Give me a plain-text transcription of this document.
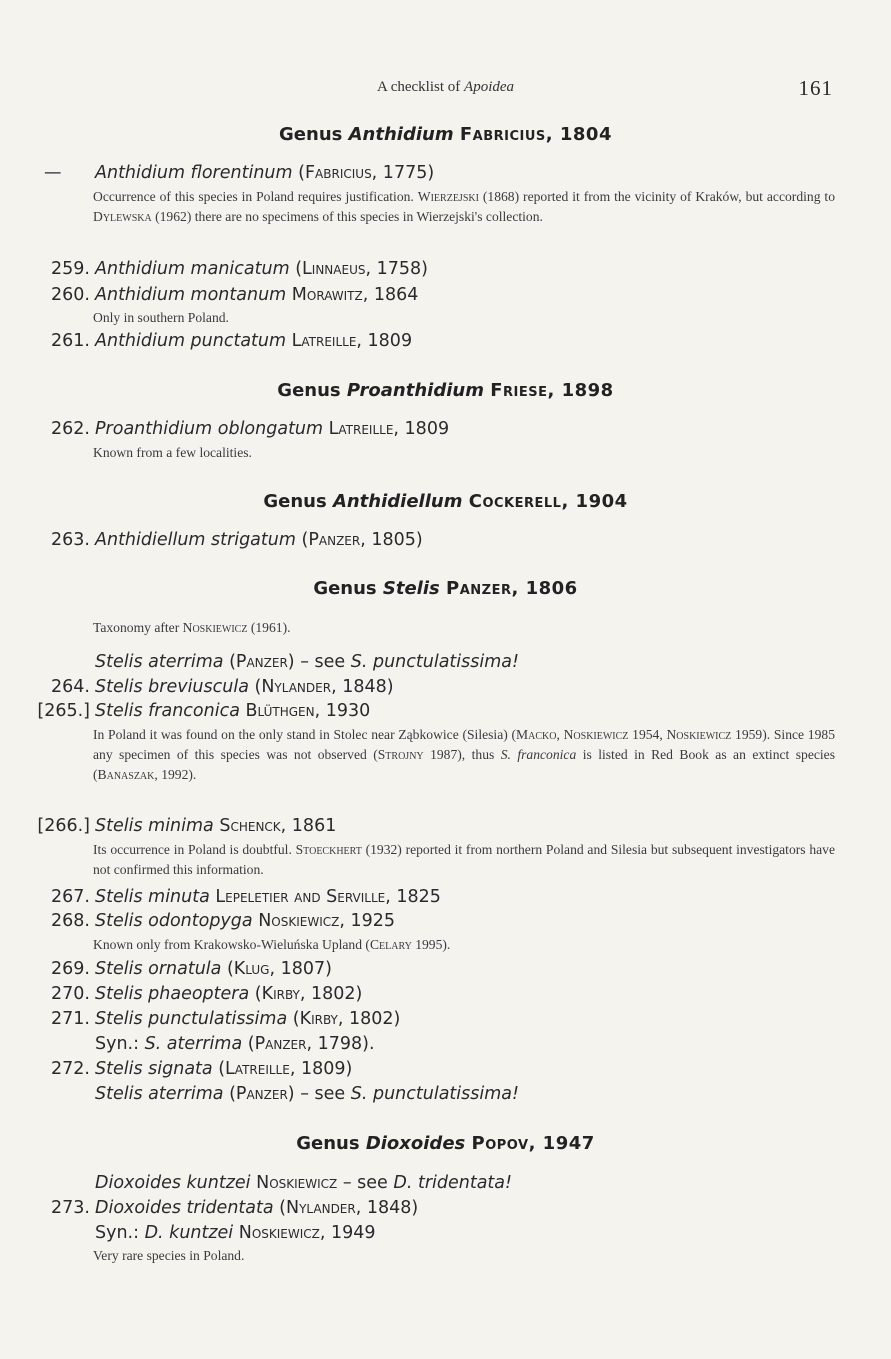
A checklist of Apoidea	161
Genus Anthidium Fabricius, 1804
— Anthidium florentinum (Fabricius, 1775)
Occurrence of this species in Poland requires justification. Wierzejski (1868) reported it from the vicinity of Kraków, but according to Dylewska (1962) there are no specimens of this species in Wierzejski's collection.
259. Anthidium manicatum (Linnaeus, 1758)
260. Anthidium montanum Morawitz, 1864
Only in southern Poland.
261. Anthidium punctatum Latreille, 1809
Genus Proanthidium Friese, 1898
262. Proanthidium oblongatum Latreille, 1809
Known from a few localities.
Genus Anthidiellum Cockerell, 1904
263. Anthidiellum strigatum (Panzer, 1805)
Genus Stelis Panzer, 1806
Taxonomy after Noskiewicz (1961).
Stelis aterrima (Panzer) – see S. punctulatissima!
264. Stelis breviuscula (Nylander, 1848)
[265.] Stelis franconica Blüthgen, 1930
In Poland it was found on the only stand in Stolec near Ząbkowice (Silesia) (Macko, Noskiewicz 1954, Noskiewicz 1959). Since 1985 any specimen of this species was not observed (Strojny 1987), thus S. franconica is listed in Red Book as an extinct species (Banaszak, 1992).
[266.] Stelis minima Schenck, 1861
Its occurrence in Poland is doubtful. Stoeckhert (1932) reported it from northern Poland and Silesia but subsequent investigators have not confirmed this information.
267. Stelis minuta Lepeletier and Serville, 1825
268. Stelis odontopyga Noskiewicz, 1925
Known only from Krakowsko-Wieluńska Upland (Celary 1995).
269. Stelis ornatula (Klug, 1807)
270. Stelis phaeoptera (Kirby, 1802)
271. Stelis punctulatissima (Kirby, 1802)
Syn.: S. aterrima (Panzer, 1798).
272. Stelis signata (Latreille, 1809)
Stelis aterrima (Panzer) – see S. punctulatissima!
Genus Dioxoides Popov, 1947
Dioxoides kuntzei Noskiewicz – see D. tridentata!
273. Dioxoides tridentata (Nylander, 1848)
Syn.: D. kuntzei Noskiewicz, 1949
Very rare species in Poland.
